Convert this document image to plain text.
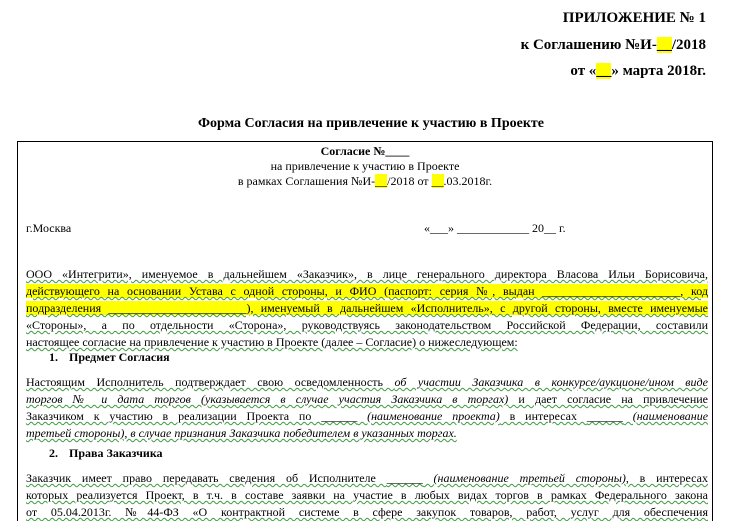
ПРИЛОЖЕНИЕ № 1
к Соглашению №И-__/2018
от «__» марта 2018г.
Форма Согласия на привлечение к участию в Проекте
Согласие №____
на привлечение к участию в Проекте
в рамках Соглашения №И-__/2018 от __.03.2018г.
г.Москва	«___» ____________ 20__ г.
ООО «Интегрити», именуемое в дальнейшем «Заказчик», в лице генерального директора Власова Ильи Борисовича,
действующего на основании Устава с одной стороны, и ФИО (паспорт: серия №, выдан _______________________, код
подразделения _______________________), именуемый в дальнейшем «Исполнитель», с другой стороны, вместе именуемые
«Стороны», а по отдельности «Сторона», руководствуясь законодательством Российской Федерации, составили
настоящее согласие на привлечение к участию в Проекте (далее – Согласие) о нижеследующем:
1. Предмет Согласия
Настоящим Исполнитель подтверждает свою осведомленность об участии Заказчика в конкурсе/аукционе/ином виде
торгов № и дата торгов (указывается в случае участия Заказчика в торгах) и дает согласие на привлечение
Заказчиком к участию в реализации Проекта по ______ (наименование проекта) в интересах ______ (наименование
третьей стороны), в случае признания Заказчика победителем в указанных торгах.
2. Права Заказчика
Заказчик имеет право передавать сведения об Исполнителе ______ (наименование третьей стороны), в интересах
которых реализуется Проект, в т.ч. в составе заявки на участие в любых видах торгов в рамках Федерального закона
от 05.04.2013г. №44-ФЗ «О контрактной системе в сфере закупок товаров, работ, услуг для обеспечения
